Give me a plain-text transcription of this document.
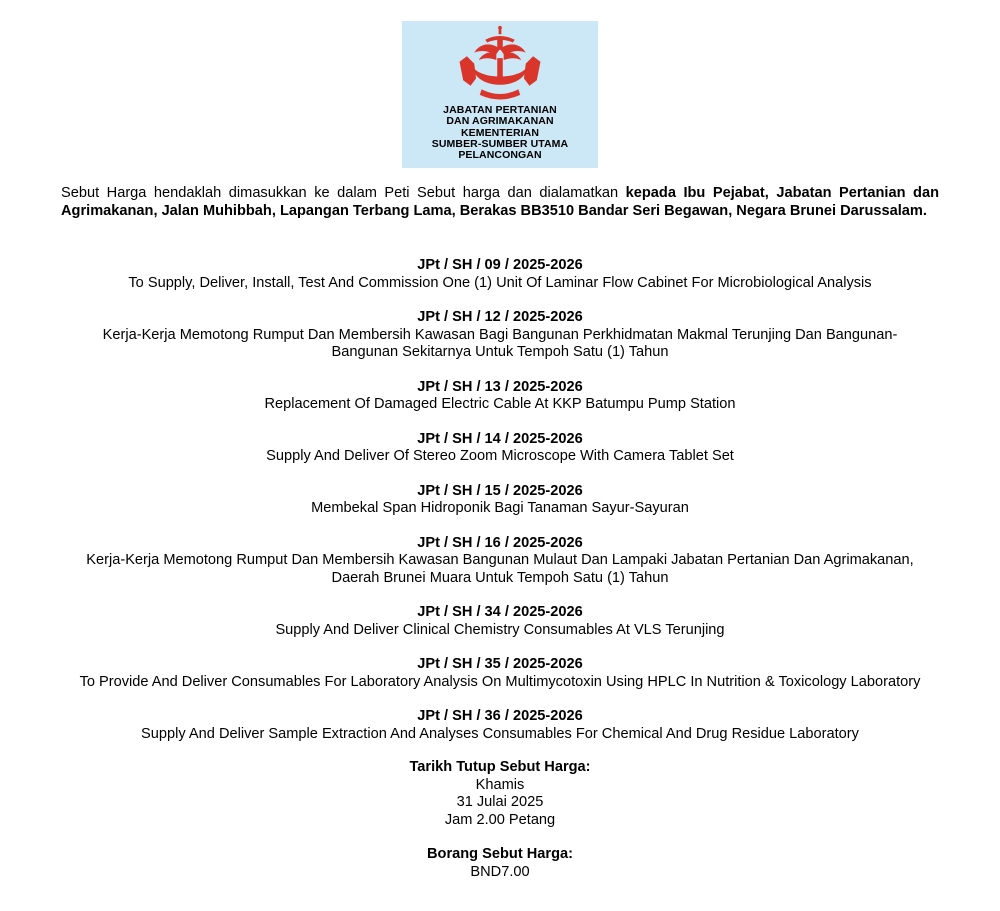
JABATAN PERTANIAN
DAN AGRIMAKANAN
KEMENTERIAN
SUMBER-SUMBER UTAMA
PELANCONGAN

Sebut Harga hendaklah dimasukkan ke dalam Peti Sebut harga dan dialamatkan kepada Ibu Pejabat, Jabatan Pertanian dan Agrimakanan, Jalan Muhibbah, Lapangan Terbang Lama, Berakas BB3510 Bandar Seri Begawan, Negara Brunei Darussalam.

JPt / SH / 09 / 2025-2026
To Supply, Deliver, Install, Test And Commission One (1) Unit Of Laminar Flow Cabinet For Microbiological Analysis
JPt / SH / 12 / 2025-2026
Kerja-Kerja Memotong Rumput Dan Membersih Kawasan Bagi Bangunan Perkhidmatan Makmal Terunjing Dan Bangunan-Bangunan Sekitarnya Untuk Tempoh Satu (1) Tahun
JPt / SH / 13 / 2025-2026
Replacement Of Damaged Electric Cable At KKP Batumpu Pump Station
JPt / SH / 14 / 2025-2026
Supply And Deliver Of Stereo Zoom Microscope With Camera Tablet Set
JPt / SH / 15 / 2025-2026
Membekal Span Hidroponik Bagi Tanaman Sayur-Sayuran
JPt / SH / 16 / 2025-2026
Kerja-Kerja Memotong Rumput Dan Membersih Kawasan Bangunan Mulaut Dan Lampaki Jabatan Pertanian Dan Agrimakanan, Daerah Brunei Muara Untuk Tempoh Satu (1) Tahun
JPt / SH / 34 / 2025-2026
Supply And Deliver Clinical Chemistry Consumables At VLS Terunjing
JPt / SH / 35 / 2025-2026
To Provide And Deliver Consumables For Laboratory Analysis On Multimycotoxin Using HPLC In Nutrition & Toxicology Laboratory
JPt / SH / 36 / 2025-2026
Supply And Deliver Sample Extraction And Analyses Consumables For Chemical And Drug Residue Laboratory
Tarikh Tutup Sebut Harga:
Khamis
31 Julai 2025
Jam 2.00 Petang
Borang Sebut Harga:
BND7.00
